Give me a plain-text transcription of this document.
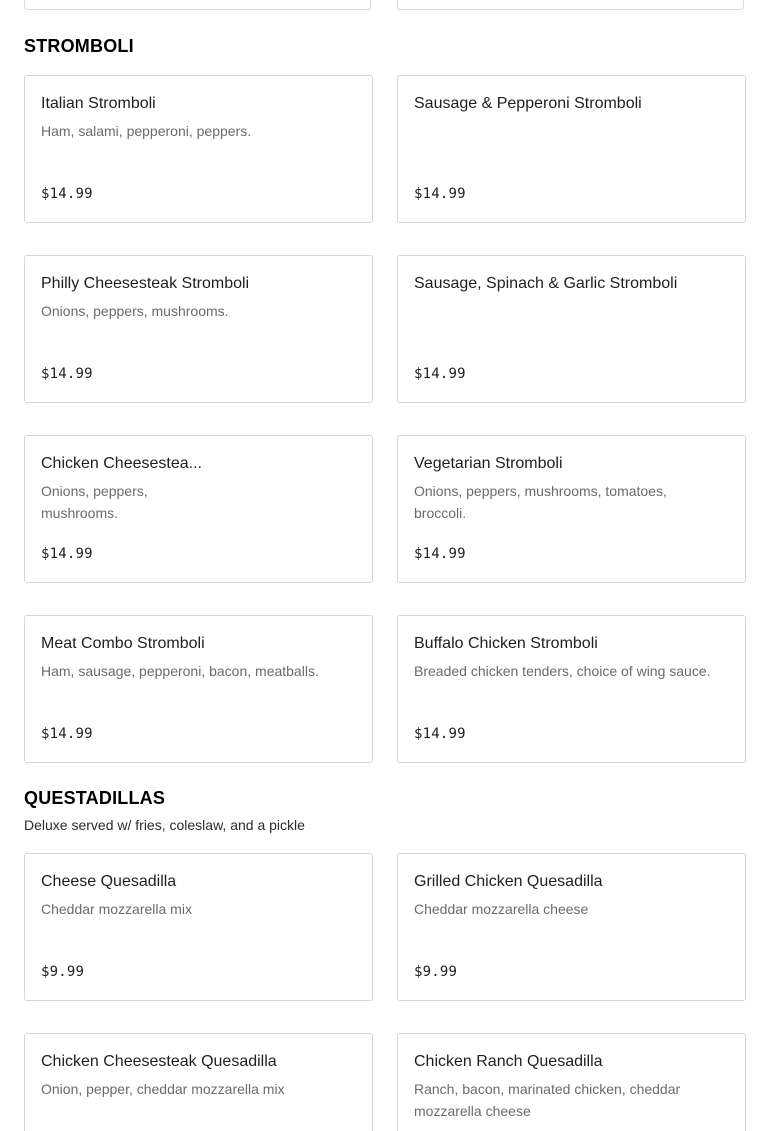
STROMBOLI
Italian Stromboli
Ham, salami, pepperoni, peppers.
$14.99
Sausage & Pepperoni Stromboli
$14.99
Philly Cheesesteak Stromboli
Onions, peppers, mushrooms.
$14.99
Sausage, Spinach & Garlic Stromboli
$14.99
Chicken Cheesestea...
Onions, peppers, mushrooms.
$14.99
Vegetarian Stromboli
Onions, peppers, mushrooms, tomatoes, broccoli.
$14.99
Meat Combo Stromboli
Ham, sausage, pepperoni, bacon, meatballs.
$14.99
Buffalo Chicken Stromboli
Breaded chicken tenders, choice of wing sauce.
$14.99
QUESTADILLAS

Deluxe served w/ fries, coleslaw, and a pickle

Cheese Quesadilla
Cheddar mozzarella mix
$9.99
Grilled Chicken Quesadilla
Cheddar mozzarella cheese
$9.99
Chicken Cheesesteak Quesadilla
Onion, pepper, cheddar mozzarella mix
Chicken Ranch Quesadilla
Ranch, bacon, marinated chicken, cheddar mozzarella cheese
